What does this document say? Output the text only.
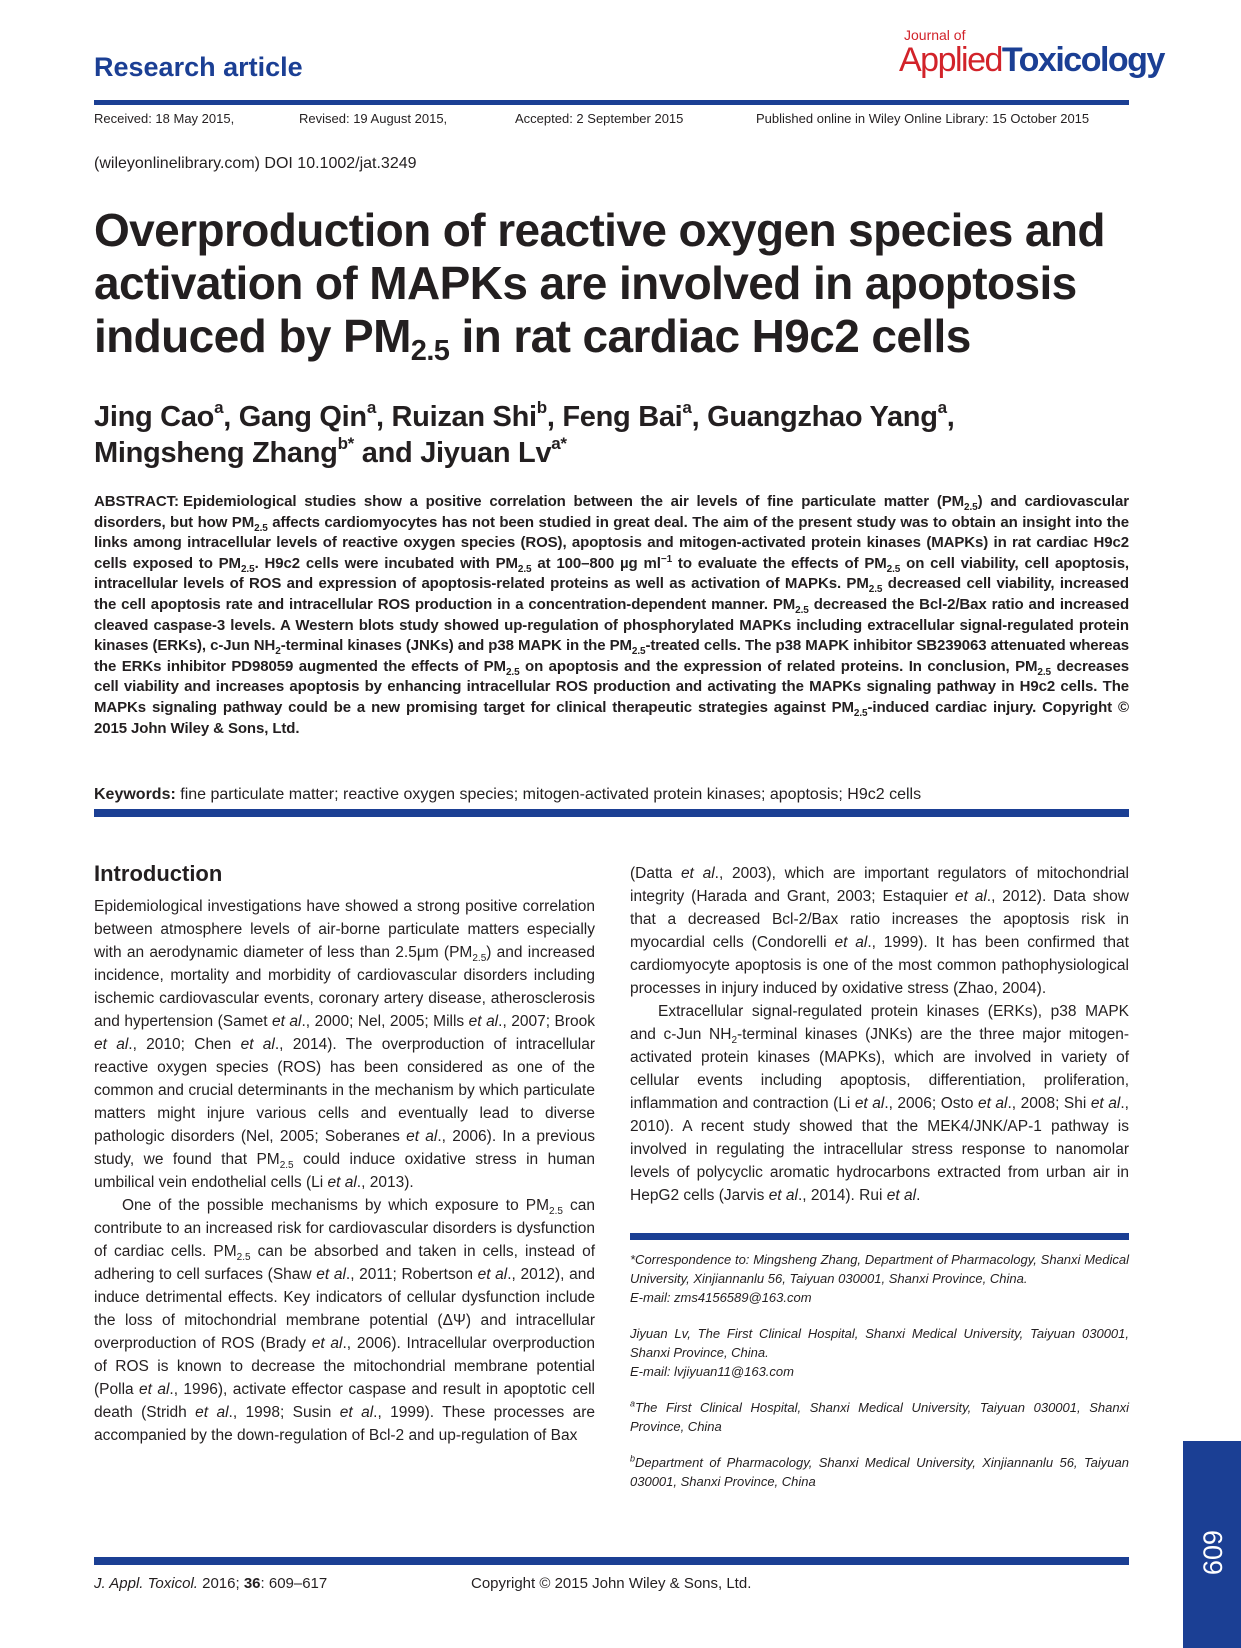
Research article
Journal of
AppliedToxicology
Received: 18 May 2015,	Revised: 19 August 2015,	Accepted: 2 September 2015	Published online in Wiley Online Library: 15 October 2015
(wileyonlinelibrary.com) DOI 10.1002/jat.3249
Overproduction of reactive oxygen species and
activation of MAPKs are involved in apoptosis
induced by $PM_{2.5}$ in rat cardiac H9c2 cells

Jing Cao$^a$, Gang Qin$^a$, Ruizan Shi$^b$, Feng Bai$^a$, Guangzhao Yang$^a$,
Mingsheng Zhang$^{b*}$ and Jiyuan $Lv^{a*}$

ABSTRACT: Epidemiological studies show a positive correlation between the air levels of fine particulate matter $(PM_{2.5})$ and cardiovascular disorders, but how $PM_{2.5}$ affects cardiomyocytes has not been studied in great deal. The aim of the present study was to obtain an insight into the links among intracellular levels of reactive oxygen species (ROS), apoptosis and mitogen-activated protein kinases (MAPKs) in rat cardiac H9c2 cells exposed to $PM_{2.5}$. H9c2 cells were incubated with $PM_{2.5}$ at 100–800 µg $ml^{-1}$ to evaluate the effects of $PM_{2.5}$ on cell viability, cell apoptosis, intracellular levels of ROS and expression of apoptosis-related proteins as well as activation of MAPKs. $PM_{2.5}$ decreased cell viability, increased the cell apoptosis rate and intracellular ROS production in a concentration-dependent manner. $PM_{2.5}$ decreased the Bcl-2/Bax ratio and increased cleaved caspase-3 levels. A Western blots study showed up-regulation of phosphorylated MAPKs including extracellular signal-regulated protein kinases (ERKs), c-Jun $NH_2$-terminal kinases (JNKs) and p38 MAPK in the $PM_{2.5}$-treated cells. The p38 MAPK inhibitor SB239063 attenuated whereas the ERKs inhibitor PD98059 augmented the effects of $PM_{2.5}$ on apoptosis and the expression of related proteins. In conclusion, $PM_{2.5}$ decreases cell viability and increases apoptosis by enhancing intracellular ROS production and activating the MAPKs signaling pathway in H9c2 cells. The MAPKs signaling pathway could be a new promising target for clinical therapeutic strategies against $PM_{2.5}$-induced cardiac injury. Copyright © 2015 John Wiley & Sons, Ltd.

Keywords: fine particulate matter; reactive oxygen species; mitogen-activated protein kinases; apoptosis; H9c2 cells
Introduction

Epidemiological investigations have showed a strong positive correlation between atmosphere levels of air-borne particulate matters especially with an aerodynamic diameter of less than 2.5μm $(PM_{2.5})$ and increased incidence, mortality and morbidity of cardiovascular disorders including ischemic cardiovascular events, coronary artery disease, atherosclerosis and hypertension (Samet et al., 2000; Nel, 2005; Mills et al., 2007; Brook et al., 2010; Chen et al., 2014). The overproduction of intracellular reactive oxygen species (ROS) has been considered as one of the common and crucial determinants in the mechanism by which particulate matters might injure various cells and eventually lead to diverse pathologic disorders (Nel, 2005; Soberanes et al., 2006). In a previous study, we found that $PM_{2.5}$ could induce oxidative stress in human umbilical vein endothelial cells (Li et al., 2013).

One of the possible mechanisms by which exposure to $PM_{2.5}$ can contribute to an increased risk for cardiovascular disorders is dysfunction of cardiac cells. $PM_{2.5}$ can be absorbed and taken in cells, instead of adhering to cell surfaces (Shaw et al., 2011; Robertson et al., 2012), and induce detrimental effects. Key indicators of cellular dysfunction include the loss of mitochondrial membrane potential (ΔΨ) and intracellular overproduction of ROS (Brady et al., 2006). Intracellular overproduction of ROS is known to decrease the mitochondrial membrane potential (Polla et al., 1996), activate effector caspase and result in apoptotic cell death (Stridh et al., 1998; Susin et al., 1999). These processes are accompanied by the down-regulation of Bcl-2 and up-regulation of Bax

(Datta et al., 2003), which are important regulators of mitochondrial integrity (Harada and Grant, 2003; Estaquier et al., 2012). Data show that a decreased Bcl-2/Bax ratio increases the apoptosis risk in myocardial cells (Condorelli et al., 1999). It has been confirmed that cardiomyocyte apoptosis is one of the most common pathophysiological processes in injury induced by oxidative stress (Zhao, 2004).

Extracellular signal-regulated protein kinases (ERKs), p38 MAPK and c-Jun $NH_2$-terminal kinases (JNKs) are the three major mitogen-activated protein kinases (MAPKs), which are involved in variety of cellular events including apoptosis, differentiation, proliferation, inflammation and contraction (Li et al., 2006; Osto et al., 2008; Shi et al., 2010). A recent study showed that the MEK4/JNK/AP-1 pathway is involved in regulating the intracellular stress response to nanomolar levels of polycyclic aromatic hydrocarbons extracted from urban air in HepG2 cells (Jarvis et al., 2014). Rui et al.

*Correspondence to: Mingsheng Zhang, Department of Pharmacology, Shanxi Medical University, Xinjiannanlu 56, Taiyuan 030001, Shanxi Province, China.
E-mail: zms4156589@163.com

Jiyuan Lv, The First Clinical Hospital, Shanxi Medical University, Taiyuan 030001, Shanxi Province, China.
E-mail: lvjiyuan11@163.com

$^a$The First Clinical Hospital, Shanxi Medical University, Taiyuan 030001, Shanxi Province, China

$^b$Department of Pharmacology, Shanxi Medical University, Xinjiannanlu 56, Taiyuan 030001, Shanxi Province, China

609
J. Appl. Toxicol. 2016; 36: 609–617	Copyright © 2015 John Wiley & Sons, Ltd.
